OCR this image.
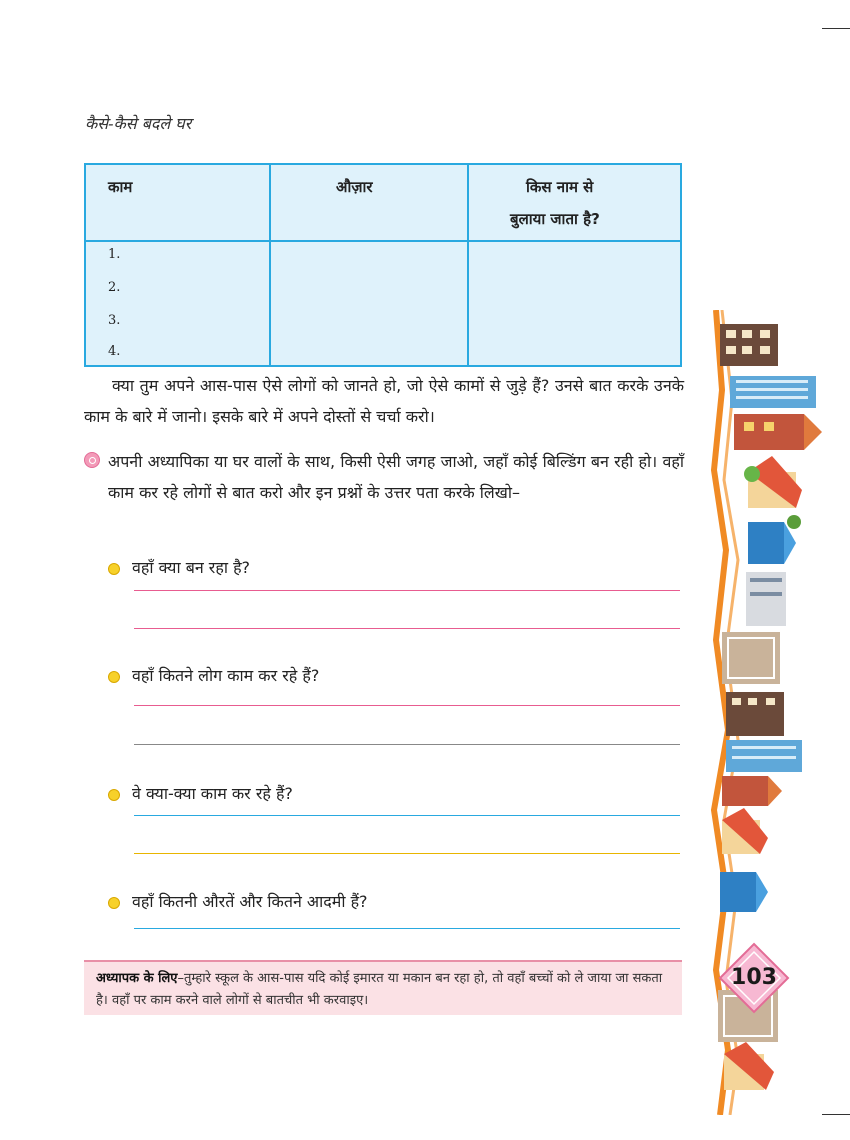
कैसे-कैसे बदले घर
काम	औज़ार	किस नाम से
बुलाया जाता है?
1.
2.
3.
4.
क्या तुम अपने आस-पास ऐसे लोगों को जानते हो, जो ऐसे कामों से जुड़े हैं? उनसे बात करके उनके काम के बारे में जानो। इसके बारे में अपने दोस्तों से चर्चा करो।
अपनी अध्यापिका या घर वालों के साथ, किसी ऐसी जगह जाओ, जहाँ कोई बिल्डिंग बन रही हो। वहाँ काम कर रहे लोगों से बात करो और इन प्रश्नों के उत्तर पता करके लिखो–
वहाँ क्या बन रहा है?
वहाँ कितने लोग काम कर रहे हैं?
वे क्या-क्या काम कर रहे हैं?
वहाँ कितनी औरतें और कितने आदमी हैं?
अध्यापक के लिए–तुम्हारे स्कूल के आस-पास यदि कोई इमारत या मकान बन रहा हो, तो वहाँ बच्चों को ले जाया जा सकता है। वहाँ पर काम करने वाले लोगों से बातचीत भी करवाइए।
103
